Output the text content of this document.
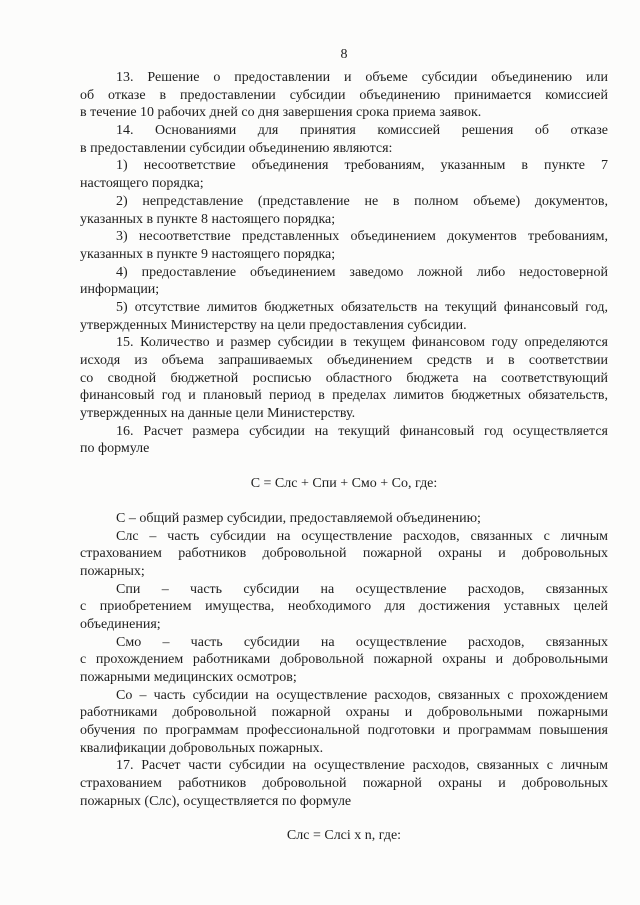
8
13. Решение о предоставлении и объеме субсидии объединению или
об отказе в предоставлении субсидии объединению принимается комиссией
в течение 10 рабочих дней со дня завершения срока приема заявок.
14. Основаниями для принятия комиссией решения об отказе
в предоставлении субсидии объединению являются:
1) несоответствие объединения требованиям, указанным в пункте 7
настоящего порядка;
2) непредставление (представление не в полном объеме) документов,
указанных в пункте 8 настоящего порядка;
3) несоответствие представленных объединением документов требованиям,
указанных в пункте 9 настоящего порядка;
4) предоставление объединением заведомо ложной либо недостоверной
информации;
5) отсутствие лимитов бюджетных обязательств на текущий финансовый год,
утвержденных Министерству на цели предоставления субсидии.
15. Количество и размер субсидии в текущем финансовом году определяются
исходя из объема запрашиваемых объединением средств и в соответствии
со сводной бюджетной росписью областного бюджета на соответствующий
финансовый год и плановый период в пределах лимитов бюджетных обязательств,
утвержденных на данные цели Министерству.
16. Расчет размера субсидии на текущий финансовый год осуществляется
по формуле
С = Слс + Спи + Смо + Со, где:
С – общий размер субсидии, предоставляемой объединению;
Слс – часть субсидии на осуществление расходов, связанных с личным
страхованием работников добровольной пожарной охраны и добровольных
пожарных;
Спи – часть субсидии на осуществление расходов, связанных
с приобретением имущества, необходимого для достижения уставных целей
объединения;
Смо – часть субсидии на осуществление расходов, связанных
с прохождением работниками добровольной пожарной охраны и добровольными
пожарными медицинских осмотров;
Со – часть субсидии на осуществление расходов, связанных с прохождением
работниками добровольной пожарной охраны и добровольными пожарными
обучения по программам профессиональной подготовки и программам повышения
квалификации добровольных пожарных.
17. Расчет части субсидии на осуществление расходов, связанных с личным
страхованием работников добровольной пожарной охраны и добровольных
пожарных (Слс), осуществляется по формуле
Слс = Слсi x n, где:
